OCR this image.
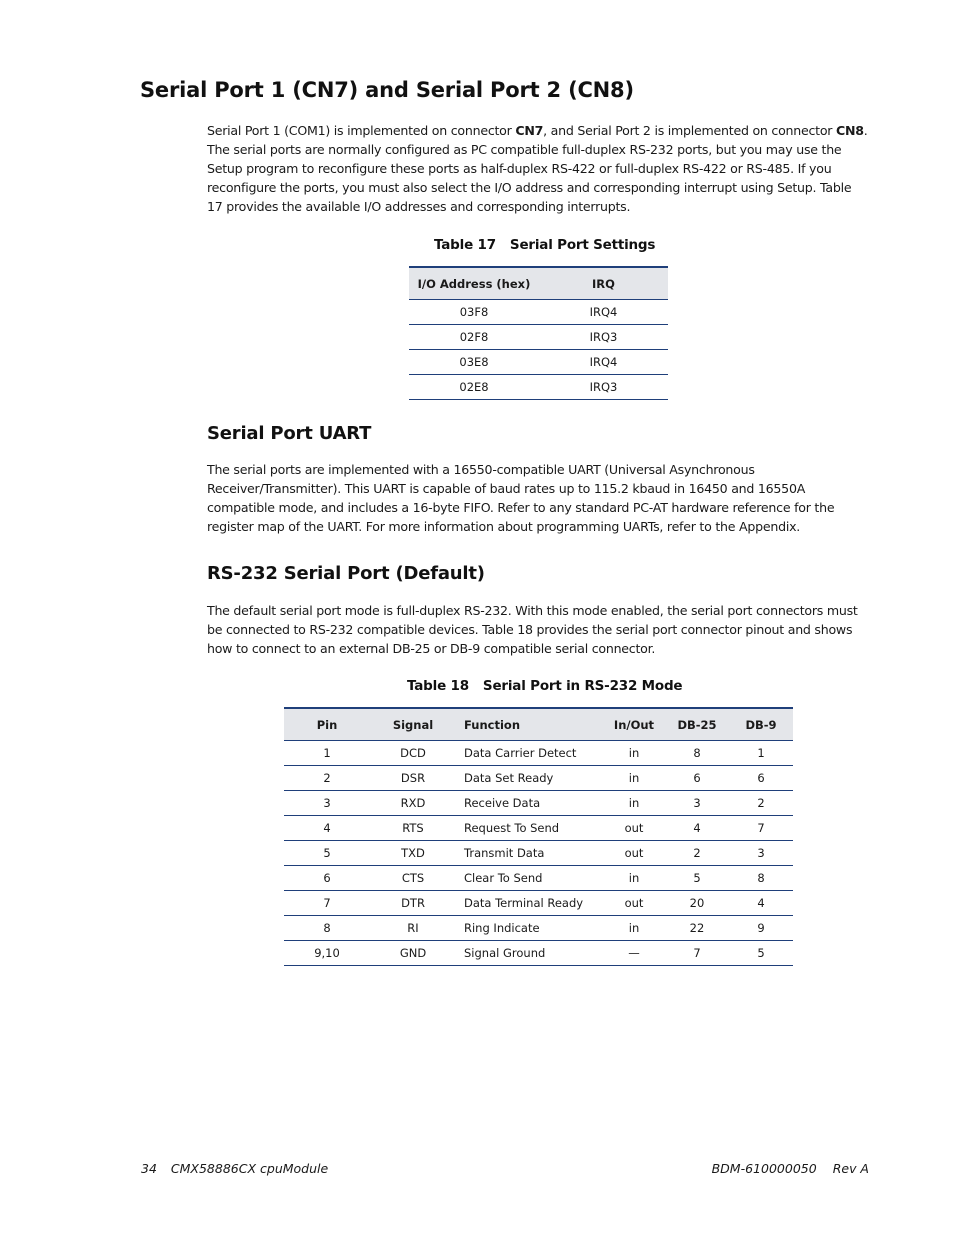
Serial Port 1 (CN7) and Serial Port 2 (CN8)

Serial Port 1 (COM1) is implemented on connector CN7, and Serial Port 2 is implemented on connector CN8. The serial ports are normally configured as PC compatible full-duplex RS-232 ports, but you may use the Setup program to reconfigure these ports as half-duplex RS-422 or full-duplex RS-422 or RS-485. If you reconfigure the ports, you must also select the I/O address and corresponding interrupt using Setup. Table 17 provides the available I/O addresses and corresponding interrupts.

Table 17 Serial Port Settings
I/O Address (hex)	IRQ
03F8	IRQ4
02F8	IRQ3
03E8	IRQ4
02E8	IRQ3
Serial Port UART

The serial ports are implemented with a 16550-compatible UART (Universal Asynchronous Receiver/Transmitter). This UART is capable of baud rates up to 115.2 kbaud in 16450 and 16550A compatible mode, and includes a 16-byte FIFO. Refer to any standard PC-AT hardware reference for the register map of the UART. For more information about programming UARTs, refer to the Appendix.

RS-232 Serial Port (Default)

The default serial port mode is full-duplex RS-232. With this mode enabled, the serial port connectors must be connected to RS-232 compatible devices. Table 18 provides the serial port connector pinout and shows how to connect to an external DB-25 or DB-9 compatible serial connector.

Table 18 Serial Port in RS-232 Mode
Pin	Signal	Function	In/Out	DB-25	DB-9
1	DCD	Data Carrier Detect	in	8	1
2	DSR	Data Set Ready	in	6	6
3	RXD	Receive Data	in	3	2
4	RTS	Request To Send	out	4	7
5	TXD	Transmit Data	out	2	3
6	CTS	Clear To Send	in	5	8
7	DTR	Data Terminal Ready	out	20	4
8	RI	Ring Indicate	in	22	9
9,10	GND	Signal Ground	—	7	5
34 CMX58886CX cpuModule	BDM-610000050 Rev A
